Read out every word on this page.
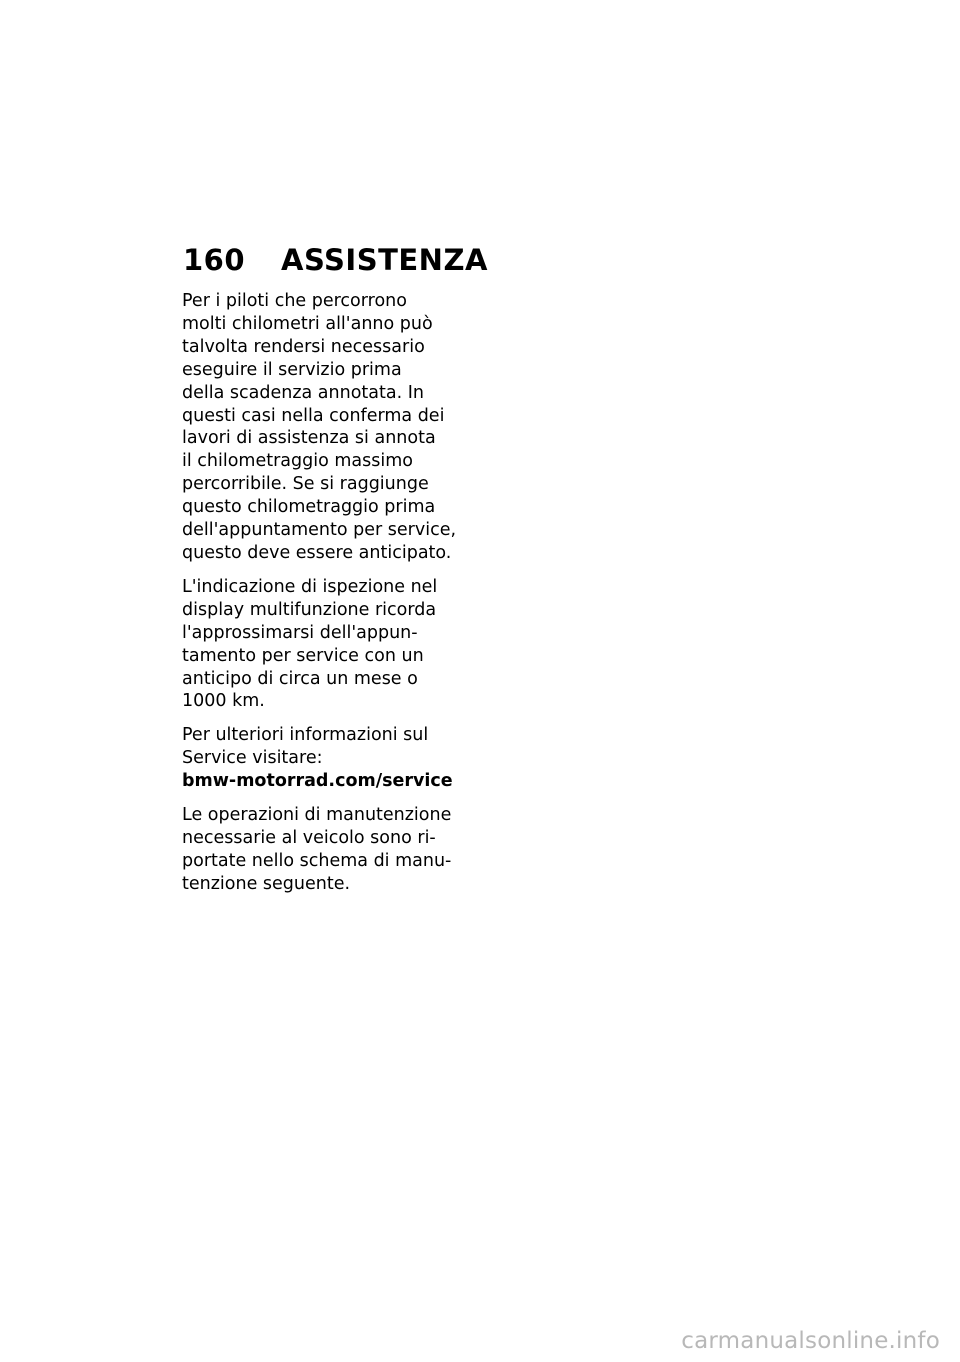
160	ASSISTENZA
Per i piloti che percorrono
molti chilometri all'anno può
talvolta rendersi necessario
eseguire il servizio prima
della scadenza annotata. In
questi casi nella conferma dei
lavori di assistenza si annota
il chilometraggio massimo
percorribile. Se si raggiunge
questo chilometraggio prima
dell'appuntamento per service,
questo deve essere anticipato.
L'indicazione di ispezione nel
display multifunzione ricorda
l'approssimarsi dell'appun-
tamento per service con un
anticipo di circa un mese o
1000 km.
Per ulteriori informazioni sul
Service visitare:
bmw-motorrad.com/service
Le operazioni di manutenzione
necessarie al veicolo sono ri-
portate nello schema di manu-
tenzione seguente.
carmanualsonline.info
